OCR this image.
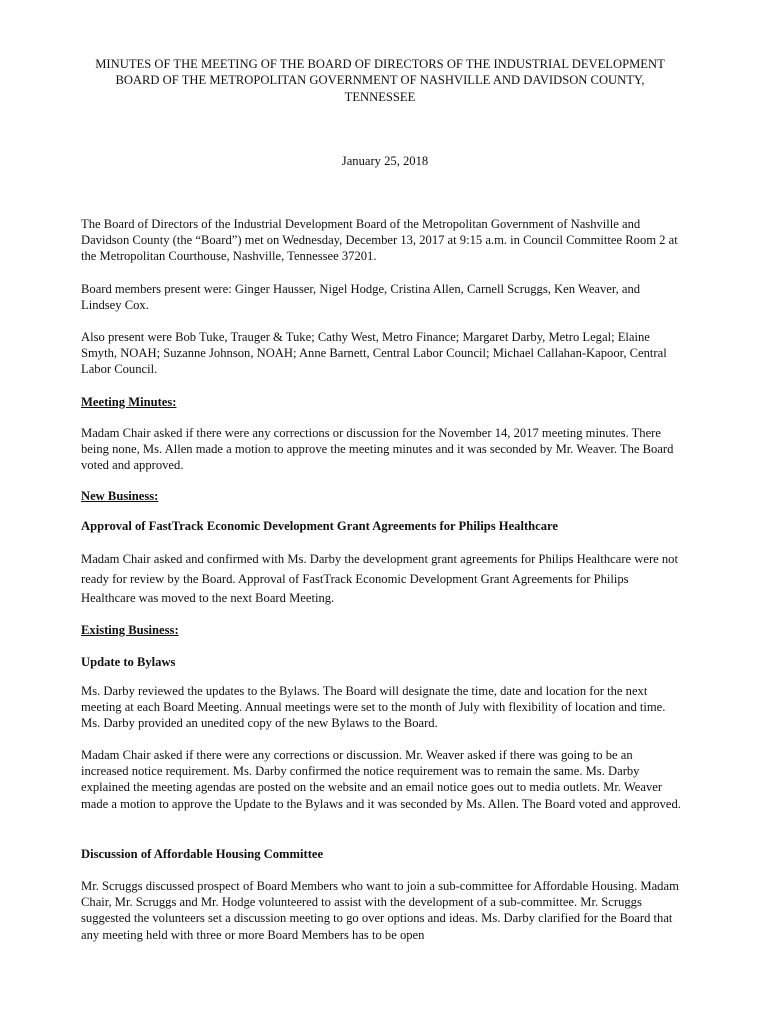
MINUTES OF THE MEETING OF THE BOARD OF DIRECTORS OF THE INDUSTRIAL DEVELOPMENT BOARD OF THE METROPOLITAN GOVERNMENT OF NASHVILLE AND DAVIDSON COUNTY, TENNESSEE
January 25, 2018

The Board of Directors of the Industrial Development Board of the Metropolitan Government of Nashville and Davidson County (the “Board”) met on Wednesday, December 13, 2017 at 9:15 a.m. in Council Committee Room 2 at the Metropolitan Courthouse, Nashville, Tennessee 37201.

Board members present were: Ginger Hausser, Nigel Hodge, Cristina Allen, Carnell Scruggs, Ken Weaver, and Lindsey Cox.

Also present were Bob Tuke, Trauger & Tuke; Cathy West, Metro Finance; Margaret Darby, Metro Legal; Elaine Smyth, NOAH; Suzanne Johnson, NOAH; Anne Barnett, Central Labor Council; Michael Callahan-Kapoor, Central Labor Council.

Meeting Minutes:

Madam Chair asked if there were any corrections or discussion for the November 14, 2017 meeting minutes. There being none, Ms. Allen made a motion to approve the meeting minutes and it was seconded by Mr. Weaver. The Board voted and approved.

New Business:

Approval of FastTrack Economic Development Grant Agreements for Philips Healthcare

Madam Chair asked and confirmed with Ms. Darby the development grant agreements for Philips Healthcare were not ready for review by the Board. Approval of FastTrack Economic Development Grant Agreements for Philips Healthcare was moved to the next Board Meeting.

Existing Business:

Update to Bylaws

Ms. Darby reviewed the updates to the Bylaws. The Board will designate the time, date and location for the next meeting at each Board Meeting. Annual meetings were set to the month of July with flexibility of location and time. Ms. Darby provided an unedited copy of the new Bylaws to the Board.

Madam Chair asked if there were any corrections or discussion. Mr. Weaver asked if there was going to be an increased notice requirement. Ms. Darby confirmed the notice requirement was to remain the same. Ms. Darby explained the meeting agendas are posted on the website and an email notice goes out to media outlets. Mr. Weaver made a motion to approve the Update to the Bylaws and it was seconded by Ms. Allen. The Board voted and approved.

Discussion of Affordable Housing Committee

Mr. Scruggs discussed prospect of Board Members who want to join a sub-committee for Affordable Housing. Madam Chair, Mr. Scruggs and Mr. Hodge volunteered to assist with the development of a sub-committee. Mr. Scruggs suggested the volunteers set a discussion meeting to go over options and ideas. Ms. Darby clarified for the Board that any meeting held with three or more Board Members has to be open
